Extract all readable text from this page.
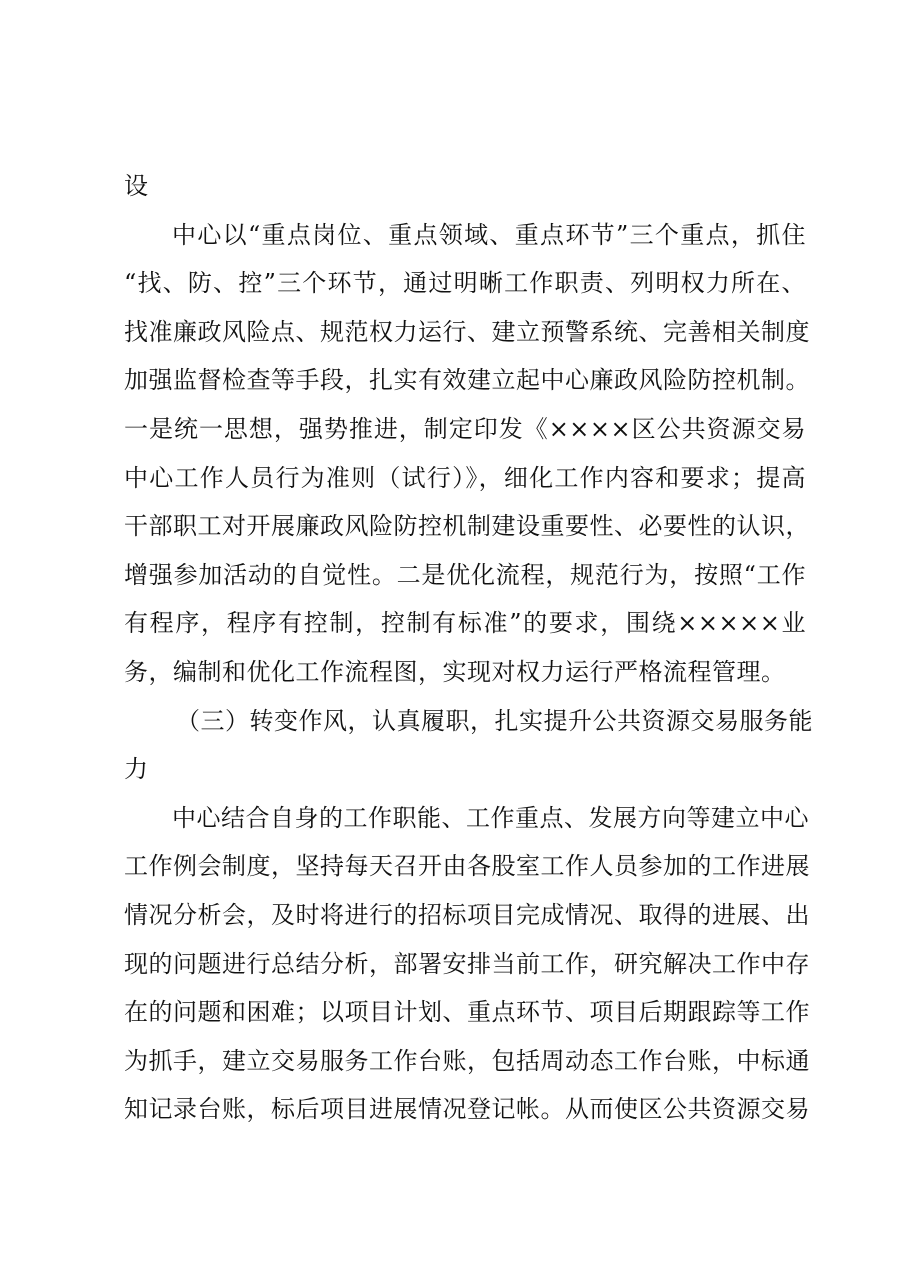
设
中心以“重点岗位、重点领域、重点环节”三个重点，抓住
“找、防、控”三个环节，通过明晰工作职责、列明权力所在、
找准廉政风险点、规范权力运行、建立预警系统、完善相关制度
加强监督检查等手段，扎实有效建立起中心廉政风险防控机制。
一是统一思想，强势推进，制定印发《××××区公共资源交易
中心工作人员行为准则（试行）》，细化工作内容和要求；提高
干部职工对开展廉政风险防控机制建设重要性、必要性的认识，
增强参加活动的自觉性。二是优化流程，规范行为，按照“工作
有程序，程序有控制，控制有标准”的要求，围绕×××××业
务，编制和优化工作流程图，实现对权力运行严格流程管理。
（三）转变作风，认真履职，扎实提升公共资源交易服务能
力
中心结合自身的工作职能、工作重点、发展方向等建立中心
工作例会制度，坚持每天召开由各股室工作人员参加的工作进展
情况分析会，及时将进行的招标项目完成情况、取得的进展、出
现的问题进行总结分析，部署安排当前工作，研究解决工作中存
在的问题和困难；以项目计划、重点环节、项目后期跟踪等工作
为抓手，建立交易服务工作台账，包括周动态工作台账，中标通
知记录台账，标后项目进展情况登记帐。从而使区公共资源交易
